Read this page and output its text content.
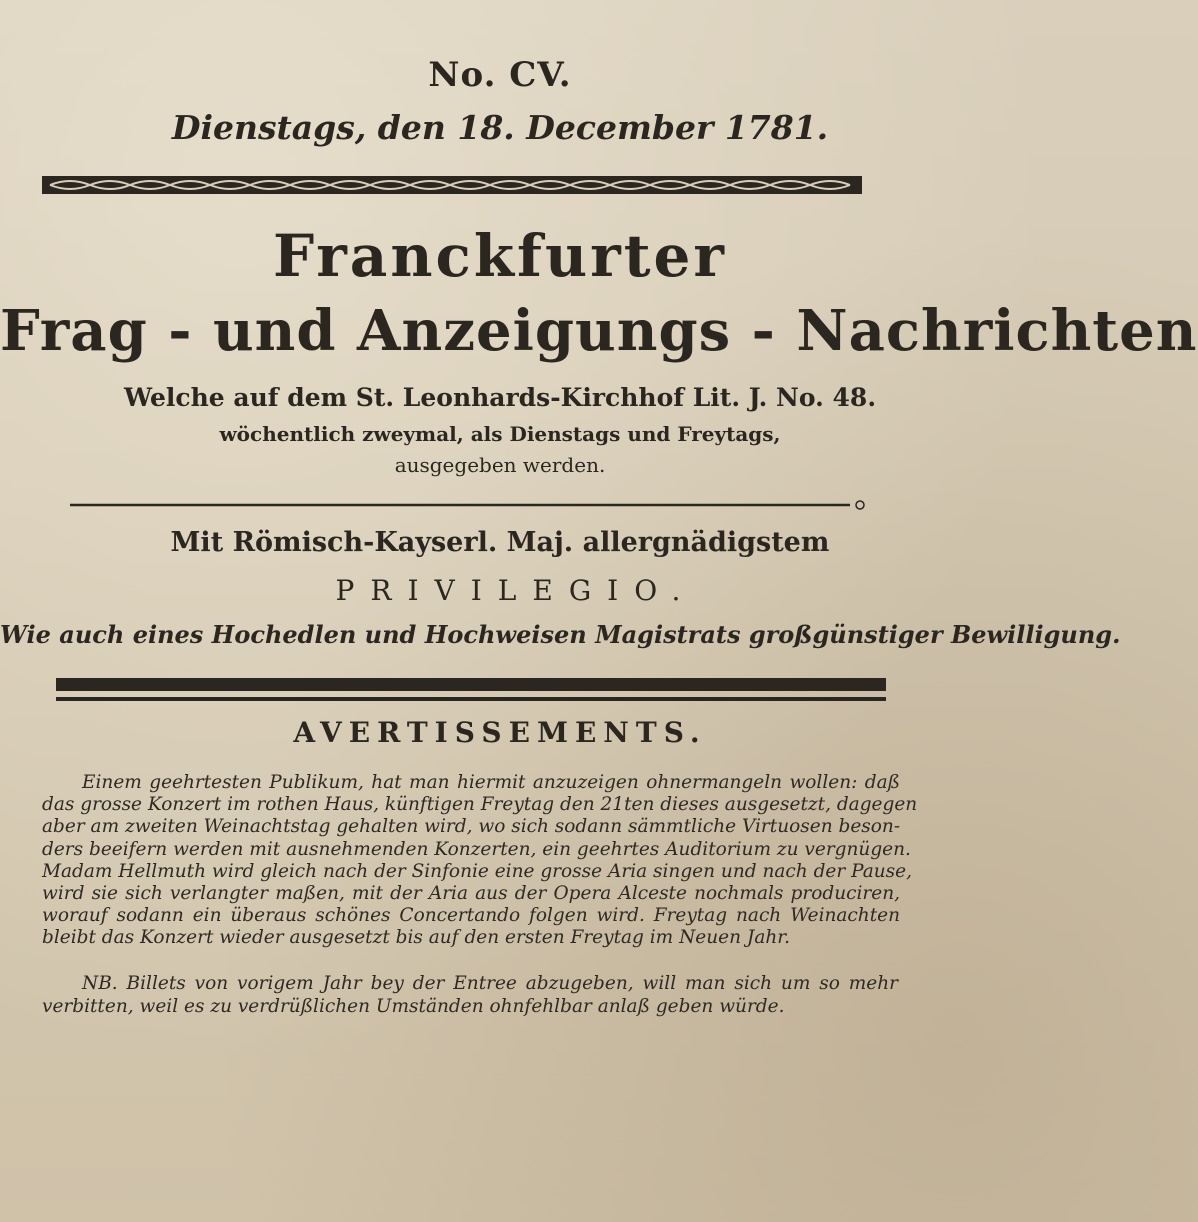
No. CV.
Dienstags, den 18. December 1781.
Franckfurter
Frag - und Anzeigungs - Nachrichten
Welche auf dem St. Leonhards-Kirchhof Lit. J. No. 48.
wöchentlich zweymal, als Dienstags und Freytags,
ausgegeben werden.
Mit Römisch-Kayserl. Maj. allergnädigstem
PRIVILEGIO.
Wie auch eines Hochedlen und Hochweisen Magistrats großgünstiger Bewilligung.
AVERTISSEMENTS.
Einem geehrtesten Publikum, hat man hiermit anzuzeigen ohnermangeln wollen: daß
das grosse Konzert im rothen Haus, künftigen Freytag den 21ten dieses ausgesetzt, dagegen
aber am zweiten Weinachtstag gehalten wird, wo sich sodann sämmtliche Virtuosen beson-
ders beeifern werden mit ausnehmenden Konzerten, ein geehrtes Auditorium zu vergnügen.
Madam Hellmuth wird gleich nach der Sinfonie eine grosse Aria singen und nach der Pause,
wird sie sich verlangter maßen, mit der Aria aus der Opera Alceste nochmals produciren,
worauf sodann ein überaus schönes Concertando folgen wird. Freytag nach Weinachten
bleibt das Konzert wieder ausgesetzt bis auf den ersten Freytag im Neuen Jahr.
NB. Billets von vorigem Jahr bey der Entree abzugeben, will man sich um so mehr
verbitten, weil es zu verdrüßlichen Umständen ohnfehlbar anlaß geben würde.
